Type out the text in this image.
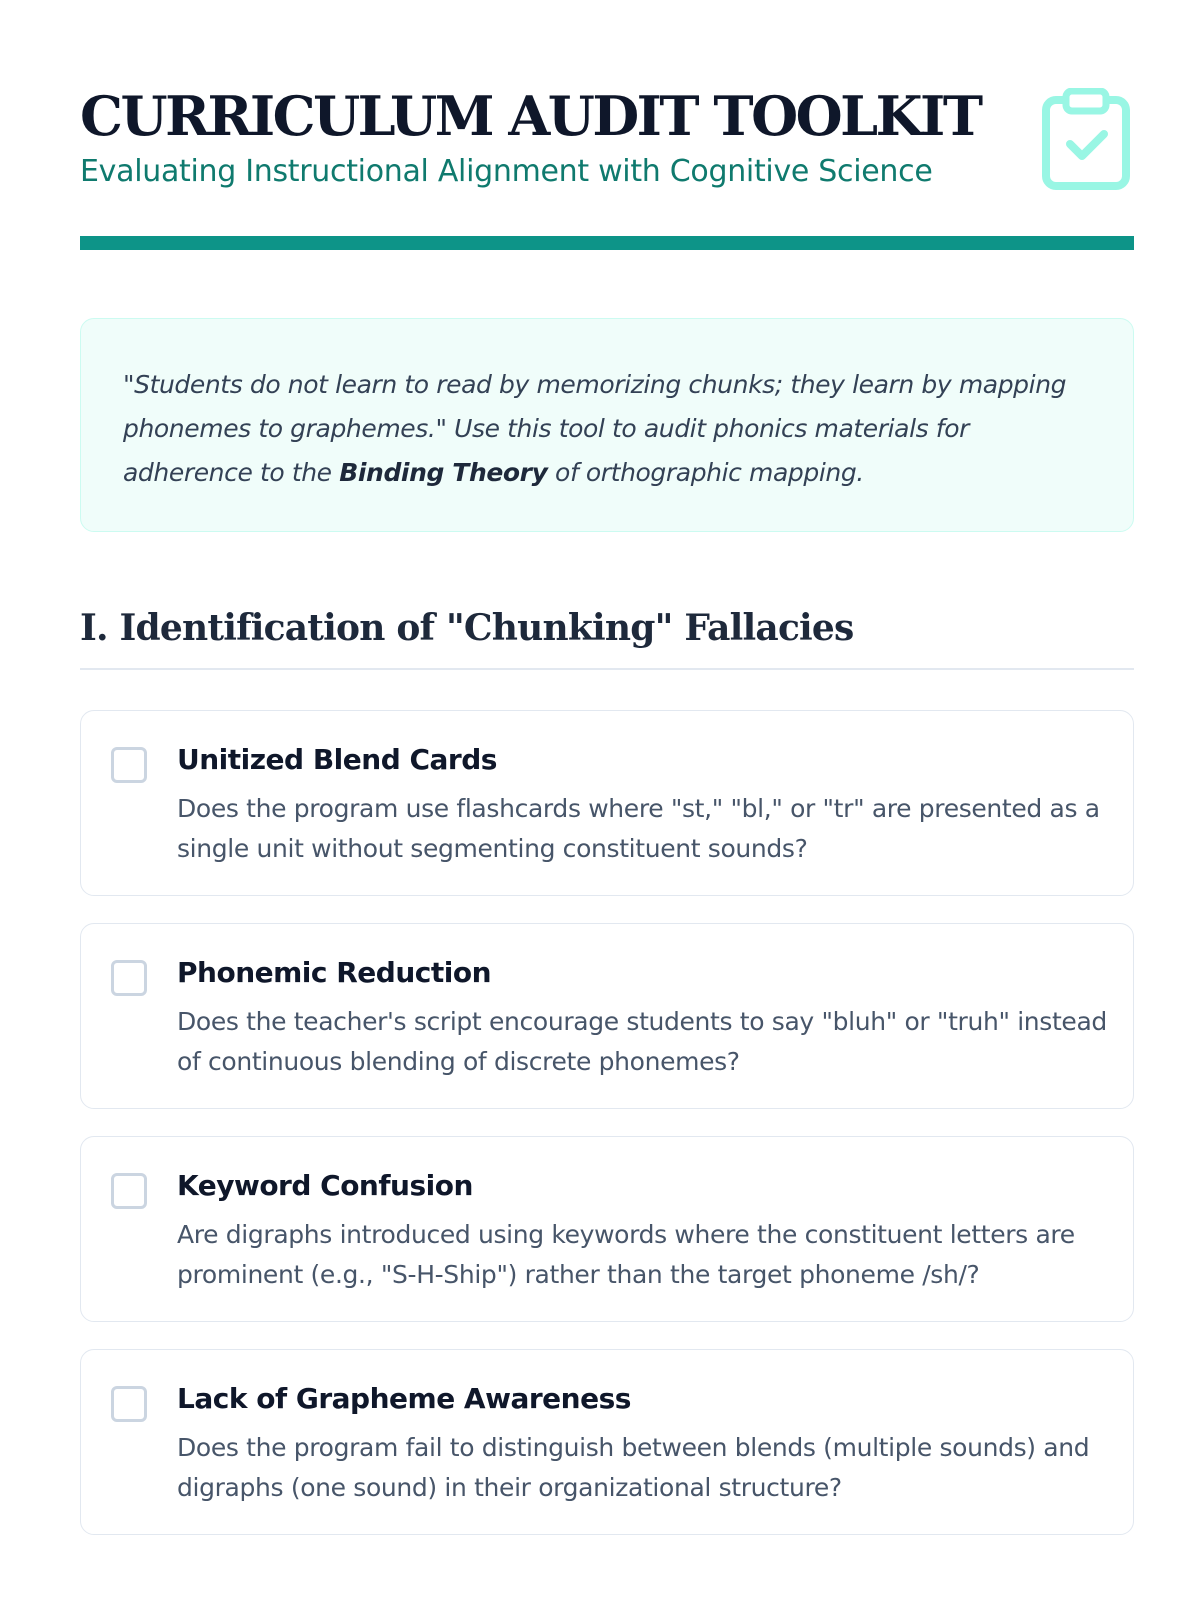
CURRICULUM AUDIT TOOLKIT

Evaluating Instructional Alignment with Cognitive Science

"Students do not learn to read by memorizing chunks; they learn by mapping phonemes to graphemes." Use this tool to audit phonics materials for adherence to the Binding Theory of orthographic mapping.
I. Identification of "Chunking" Fallacies
Unitized Blend Cards

Does the program use flashcards where "st," "bl," or "tr" are presented as a single unit without segmenting constituent sounds?

Phonemic Reduction

Does the teacher's script encourage students to say "bluh" or "truh" instead of continuous blending of discrete phonemes?

Keyword Confusion

Are digraphs introduced using keywords where the constituent letters are prominent (e.g., "S-H-Ship") rather than the target phoneme /sh/?

Lack of Grapheme Awareness

Does the program fail to distinguish between blends (multiple sounds) and digraphs (one sound) in their organizational structure?
